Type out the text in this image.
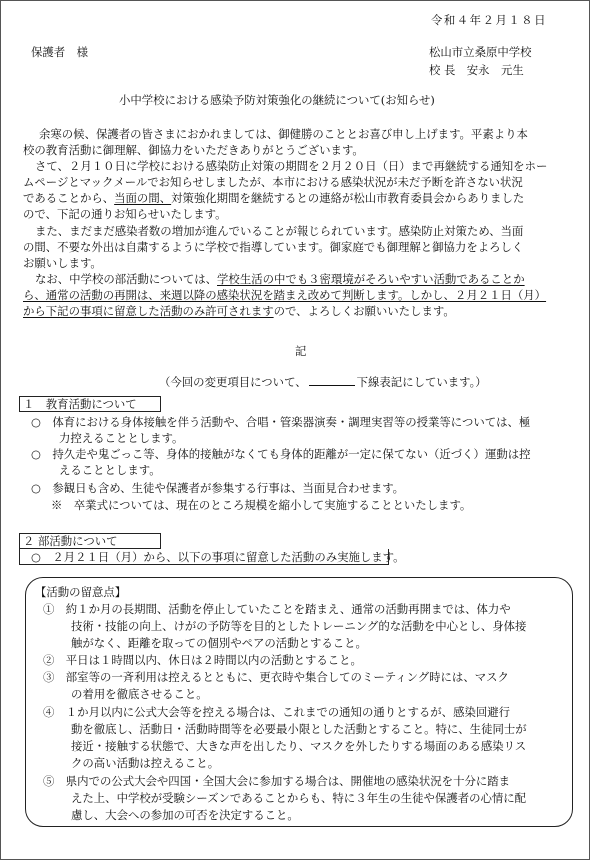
令和４年２月１８日
保護者　様	松山市立桑原中学校
校 長　安永　元生
小中学校における感染予防対策強化の継続について(お知らせ)
余寒の候、保護者の皆さまにおかれましては、御健勝のこととお喜び申し上げます。平素より本
校の教育活動に御理解、御協力をいただきありがとうございます。
さて、２月１０日に学校における感染防止対策の期間を２月２０日（日）まで再継続する通知をホー
ムページとマックメールでお知らせしましたが、本市における感染状況が未だ予断を許さない状況
であることから、当面の間、対策強化期間を継続するとの連絡が松山市教育委員会からありました
ので、下記の通りお知らせいたします。
また、まだまだ感染者数の増加が進んでいることが報じられています。感染防止対策ため、当面
の間、不要な外出は自粛するように学校で指導しています。御家庭でも御理解と御協力をよろしく
お願いします。
なお、中学校の部活動については、学校生活の中でも３密環境がそろいやすい活動であることか
ら、通常の活動の再開は、来週以降の感染状況を踏まえ改めて判断します。しかし、２月２１日（月）
から下記の事項に留意した活動のみ許可されますので、よろしくお願いいたします。
記
（今回の変更項目について、	下線表記にしています。）
１　教育活動について
○　体育における身体接触を伴う活動や、合唱・管楽器演奏・調理実習等の授業等については、極
力控えることとします。
○　持久走や鬼ごっこ等、身体的接触がなくても身体的距離が一定に保てない（近づく）運動は控
えることとします。
○　参観日も含め、生徒や保護者が参集する行事は、当面見合わせます。
※　卒業式については、現在のところ規模を縮小して実施することといたします。
２ 部活動について
○　２月２１日（月）から、以下の事項に留意した活動のみ実施します。
【活動の留意点】
①　約１か月の長期間、活動を停止していたことを踏まえ、通常の活動再開までは、体力や
技術・技能の向上、けがの予防等を目的としたトレーニング的な活動を中心とし、身体接
触がなく、距離を取っての個別やペアの活動とすること。
②　平日は１時間以内、休日は２時間以内の活動とすること。
③　部室等の一斉利用は控えるとともに、更衣時や集合してのミーティング時には、マスク
の着用を徹底させること。
④　１か月以内に公式大会等を控える場合は、これまでの通知の通りとするが、感染回避行
動を徹底し、活動日・活動時間等を必要最小限とした活動とすること。特に、生徒同士が
接近・接触する状態で、大きな声を出したり、マスクを外したりする場面のある感染リス
クの高い活動は控えること。
⑤　県内での公式大会や四国・全国大会に参加する場合は、開催地の感染状況を十分に踏ま
えた上、中学校が受験シーズンであることからも、特に３年生の生徒や保護者の心情に配
慮し、大会への参加の可否を決定すること。
